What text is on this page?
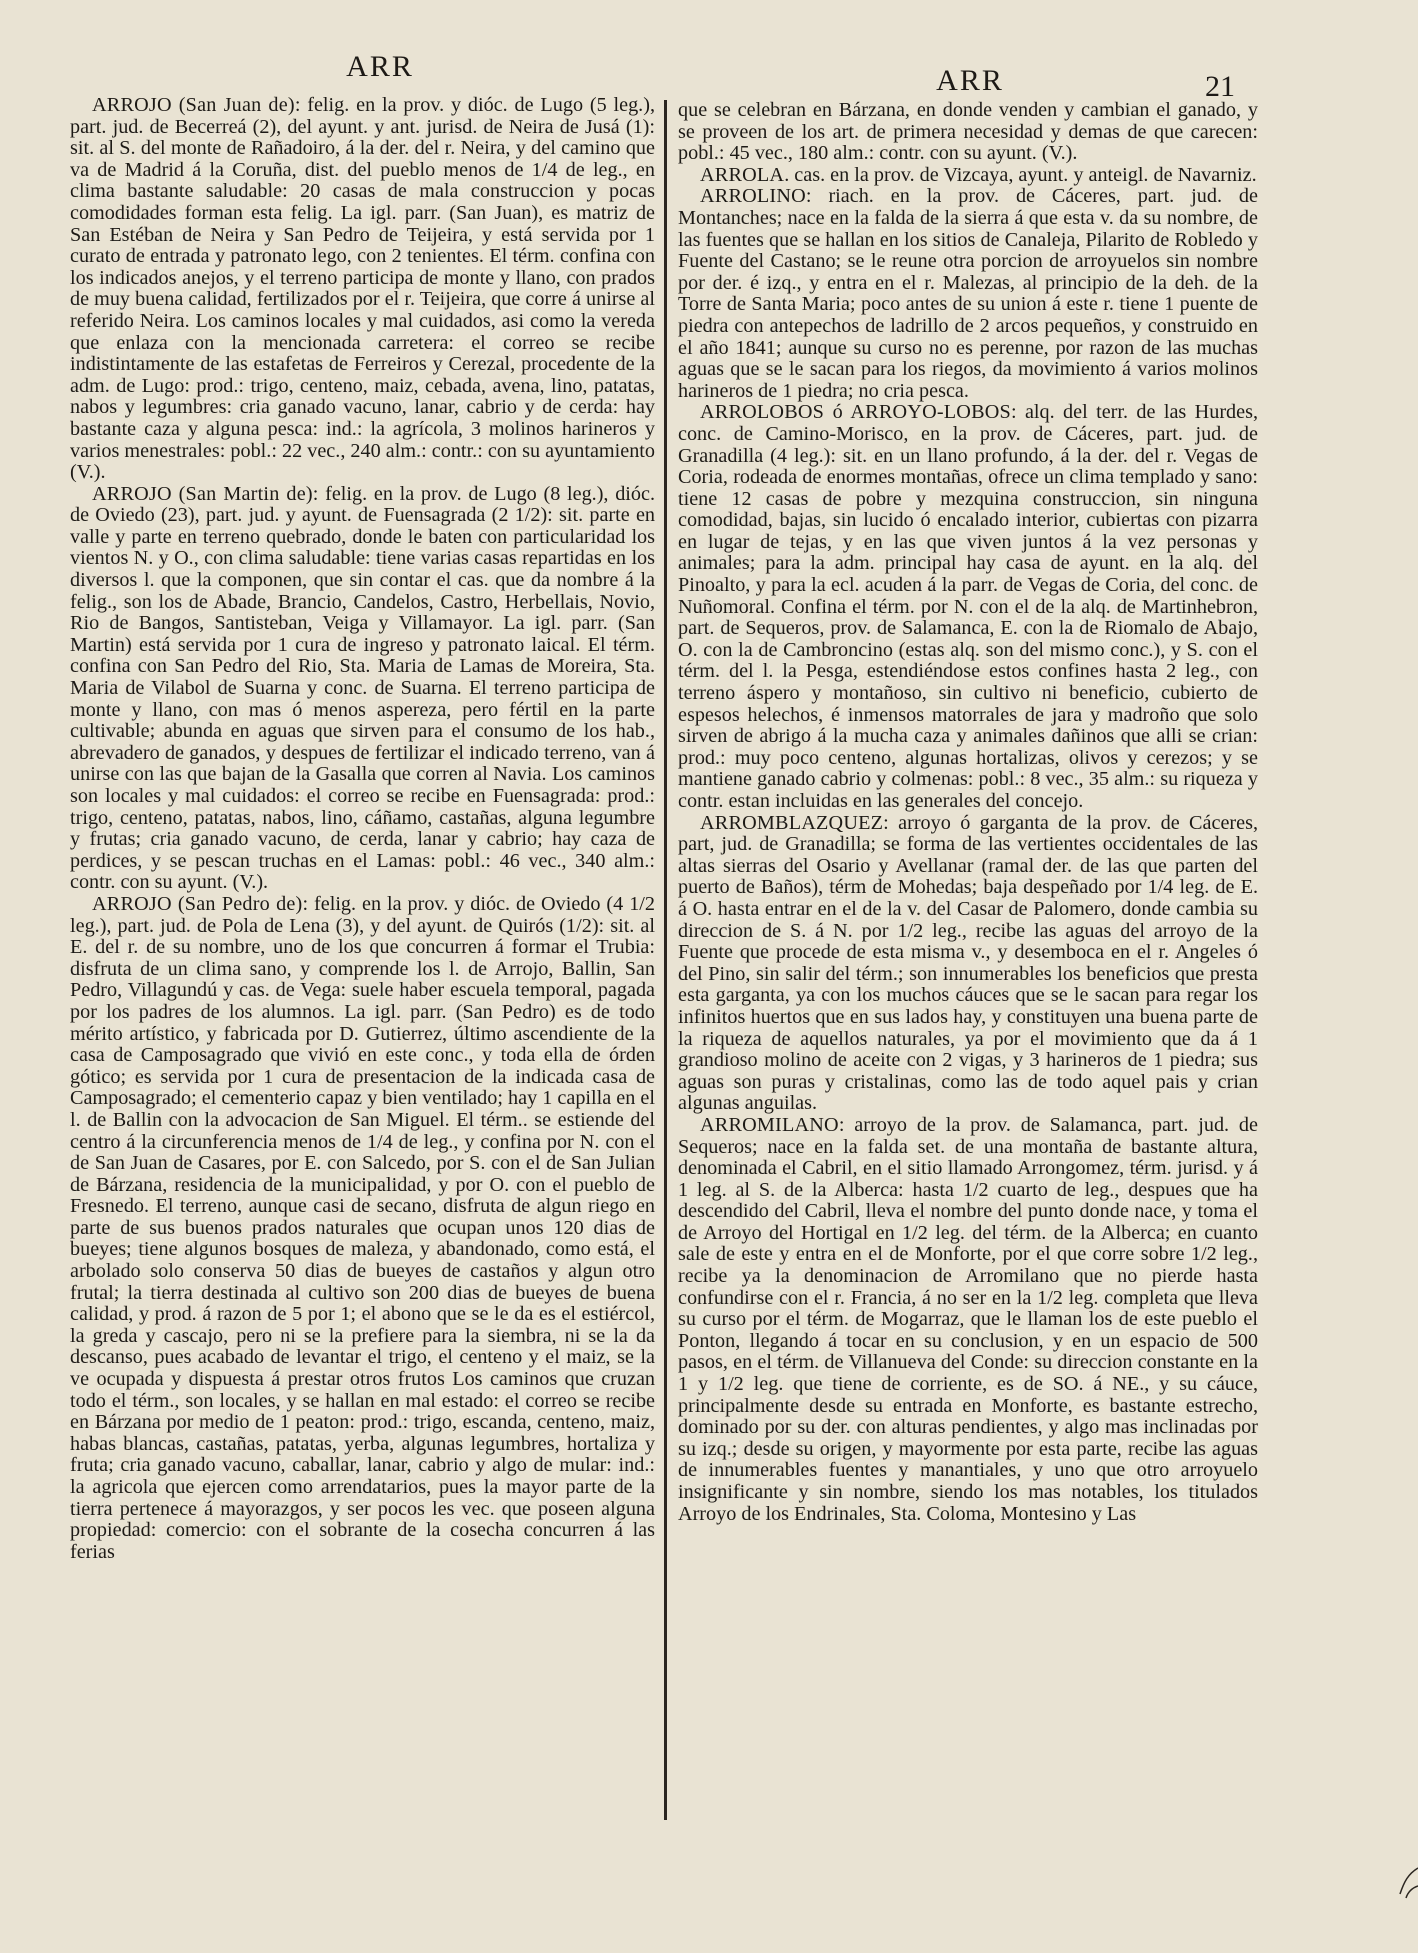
ARR	ARR	21

ARROJO (San Juan de): felig. en la prov. y dióc. de Lugo (5 leg.), part. jud. de Becerreá (2), del ayunt. y ant. jurisd. de Neira de Jusá (1): sit. al S. del monte de Rañadoiro, á la der. del r. Neira, y del camino que va de Madrid á la Coruña, dist. del pueblo menos de 1/4 de leg., en clima bastante saludable: 20 casas de mala construccion y pocas comodidades forman esta felig. La igl. parr. (San Juan), es matriz de San Estéban de Neira y San Pedro de Teijeira, y está servida por 1 curato de entrada y patronato lego, con 2 tenientes. El térm. confina con los indicados anejos, y el terreno participa de monte y llano, con prados de muy buena calidad, fertilizados por el r. Teijeira, que corre á unirse al referido Neira. Los caminos locales y mal cuidados, asi como la vereda que enlaza con la mencionada carretera: el correo se recibe indistintamente de las estafetas de Ferreiros y Cerezal, procedente de la adm. de Lugo: prod.: trigo, centeno, maiz, cebada, avena, lino, patatas, nabos y legumbres: cria ganado vacuno, lanar, cabrio y de cerda: hay bastante caza y alguna pesca: ind.: la agrícola, 3 molinos harineros y varios menestrales: pobl.: 22 vec., 240 alm.: contr.: con su ayuntamiento (V.).

ARROJO (San Martin de): felig. en la prov. de Lugo (8 leg.), dióc. de Oviedo (23), part. jud. y ayunt. de Fuensagrada (2 1/2): sit. parte en valle y parte en terreno quebrado, donde le baten con particularidad los vientos N. y O., con clima saludable: tiene varias casas repartidas en los diversos l. que la componen, que sin contar el cas. que da nombre á la felig., son los de Abade, Brancio, Candelos, Castro, Herbellais, Novio, Rio de Bangos, Santisteban, Veiga y Villamayor. La igl. parr. (San Martin) está servida por 1 cura de ingreso y patronato laical. El térm. confina con San Pedro del Rio, Sta. Maria de Lamas de Moreira, Sta. Maria de Vilabol de Suarna y conc. de Suarna. El terreno participa de monte y llano, con mas ó menos aspereza, pero fértil en la parte cultivable; abunda en aguas que sirven para el consumo de los hab., abrevadero de ganados, y despues de fertilizar el indicado terreno, van á unirse con las que bajan de la Gasalla que corren al Navia. Los caminos son locales y mal cuidados: el correo se recibe en Fuensagrada: prod.: trigo, centeno, patatas, nabos, lino, cáñamo, castañas, alguna legumbre y frutas; cria ganado vacuno, de cerda, lanar y cabrio; hay caza de perdices, y se pescan truchas en el Lamas: pobl.: 46 vec., 340 alm.: contr. con su ayunt. (V.).

ARROJO (San Pedro de): felig. en la prov. y dióc. de Oviedo (4 1/2 leg.), part. jud. de Pola de Lena (3), y del ayunt. de Quirós (1/2): sit. al E. del r. de su nombre, uno de los que concurren á formar el Trubia: disfruta de un clima sano, y comprende los l. de Arrojo, Ballin, San Pedro, Villagundú y cas. de Vega: suele haber escuela temporal, pagada por los padres de los alumnos. La igl. parr. (San Pedro) es de todo mérito artístico, y fabricada por D. Gutierrez, último ascendiente de la casa de Camposagrado que vivió en este conc., y toda ella de órden gótico; es servida por 1 cura de presentacion de la indicada casa de Camposagrado; el cementerio capaz y bien ventilado; hay 1 capilla en el l. de Ballin con la advocacion de San Miguel. El térm.. se estiende del centro á la circunferencia menos de 1/4 de leg., y confina por N. con el de San Juan de Casares, por E. con Salcedo, por S. con el de San Julian de Bárzana, residencia de la municipalidad, y por O. con el pueblo de Fresnedo. El terreno, aunque casi de secano, disfruta de algun riego en parte de sus buenos prados naturales que ocupan unos 120 dias de bueyes; tiene algunos bosques de maleza, y abandonado, como está, el arbolado solo conserva 50 dias de bueyes de castaños y algun otro frutal; la tierra destinada al cultivo son 200 dias de bueyes de buena calidad, y prod. á razon de 5 por 1; el abono que se le da es el estiércol, la greda y cascajo, pero ni se la prefiere para la siembra, ni se la da descanso, pues acabado de levantar el trigo, el centeno y el maiz, se la ve ocupada y dispuesta á prestar otros frutos Los caminos que cruzan todo el térm., son locales, y se hallan en mal estado: el correo se recibe en Bárzana por medio de 1 peaton: prod.: trigo, escanda, centeno, maiz, habas blancas, castañas, patatas, yerba, algunas legumbres, hortaliza y fruta; cria ganado vacuno, caballar, lanar, cabrio y algo de mular: ind.: la agricola que ejercen como arrendatarios, pues la mayor parte de la tierra pertenece á mayorazgos, y ser pocos les vec. que poseen alguna propiedad: comercio: con el sobrante de la cosecha concurren á las ferias

que se celebran en Bárzana, en donde venden y cambian el ganado, y se proveen de los art. de primera necesidad y demas de que carecen: pobl.: 45 vec., 180 alm.: contr. con su ayunt. (V.).

ARROLA. cas. en la prov. de Vizcaya, ayunt. y anteigl. de Navarniz.

ARROLINO: riach. en la prov. de Cáceres, part. jud. de Montanches; nace en la falda de la sierra á que esta v. da su nombre, de las fuentes que se hallan en los sitios de Canaleja, Pilarito de Robledo y Fuente del Castano; se le reune otra porcion de arroyuelos sin nombre por der. é izq., y entra en el r. Malezas, al principio de la deh. de la Torre de Santa Maria; poco antes de su union á este r. tiene 1 puente de piedra con antepechos de ladrillo de 2 arcos pequeños, y construido en el año 1841; aunque su curso no es perenne, por razon de las muchas aguas que se le sacan para los riegos, da movimiento á varios molinos harineros de 1 piedra; no cria pesca.

ARROLOBOS ó ARROYO-LOBOS: alq. del terr. de las Hurdes, conc. de Camino-Morisco, en la prov. de Cáceres, part. jud. de Granadilla (4 leg.): sit. en un llano profundo, á la der. del r. Vegas de Coria, rodeada de enormes montañas, ofrece un clima templado y sano: tiene 12 casas de pobre y mezquina construccion, sin ninguna comodidad, bajas, sin lucido ó encalado interior, cubiertas con pizarra en lugar de tejas, y en las que viven juntos á la vez personas y animales; para la adm. principal hay casa de ayunt. en la alq. del Pinoalto, y para la ecl. acuden á la parr. de Vegas de Coria, del conc. de Nuñomoral. Confina el térm. por N. con el de la alq. de Martinhebron, part. de Sequeros, prov. de Salamanca, E. con la de Riomalo de Abajo, O. con la de Cambroncino (estas alq. son del mismo conc.), y S. con el térm. del l. la Pesga, estendiéndose estos confines hasta 2 leg., con terreno áspero y montañoso, sin cultivo ni beneficio, cubierto de espesos helechos, é inmensos matorrales de jara y madroño que solo sirven de abrigo á la mucha caza y animales dañinos que alli se crian: prod.: muy poco centeno, algunas hortalizas, olivos y cerezos; y se mantiene ganado cabrio y colmenas: pobl.: 8 vec., 35 alm.: su riqueza y contr. estan incluidas en las generales del concejo.

ARROMBLAZQUEZ: arroyo ó garganta de la prov. de Cáceres, part, jud. de Granadilla; se forma de las vertientes occidentales de las altas sierras del Osario y Avellanar (ramal der. de las que parten del puerto de Baños), térm de Mohedas; baja despeñado por 1/4 leg. de E. á O. hasta entrar en el de la v. del Casar de Palomero, donde cambia su direccion de S. á N. por 1/2 leg., recibe las aguas del arroyo de la Fuente que procede de esta misma v., y desemboca en el r. Angeles ó del Pino, sin salir del térm.; son innumerables los beneficios que presta esta garganta, ya con los muchos cáuces que se le sacan para regar los infinitos huertos que en sus lados hay, y constituyen una buena parte de la riqueza de aquellos naturales, ya por el movimiento que da á 1 grandioso molino de aceite con 2 vigas, y 3 harineros de 1 piedra; sus aguas son puras y cristalinas, como las de todo aquel pais y crian algunas anguilas.

ARROMILANO: arroyo de la prov. de Salamanca, part. jud. de Sequeros; nace en la falda set. de una montaña de bastante altura, denominada el Cabril, en el sitio llamado Arrongomez, térm. jurisd. y á 1 leg. al S. de la Alberca: hasta 1/2 cuarto de leg., despues que ha descendido del Cabril, lleva el nombre del punto donde nace, y toma el de Arroyo del Hortigal en 1/2 leg. del térm. de la Alberca; en cuanto sale de este y entra en el de Monforte, por el que corre sobre 1/2 leg., recibe ya la denominacion de Arromilano que no pierde hasta confundirse con el r. Francia, á no ser en la 1/2 leg. completa que lleva su curso por el térm. de Mogarraz, que le llaman los de este pueblo el Ponton, llegando á tocar en su conclusion, y en un espacio de 500 pasos, en el térm. de Villanueva del Conde: su direccion constante en la 1 y 1/2 leg. que tiene de corriente, es de SO. á NE., y su cáuce, principalmente desde su entrada en Monforte, es bastante estrecho, dominado por su der. con alturas pendientes, y algo mas inclinadas por su izq.; desde su origen, y mayormente por esta parte, recibe las aguas de innumerables fuentes y manantiales, y uno que otro arroyuelo insignificante y sin nombre, siendo los mas notables, los titulados Arroyo de los Endrinales, Sta. Coloma, Montesino y Las
